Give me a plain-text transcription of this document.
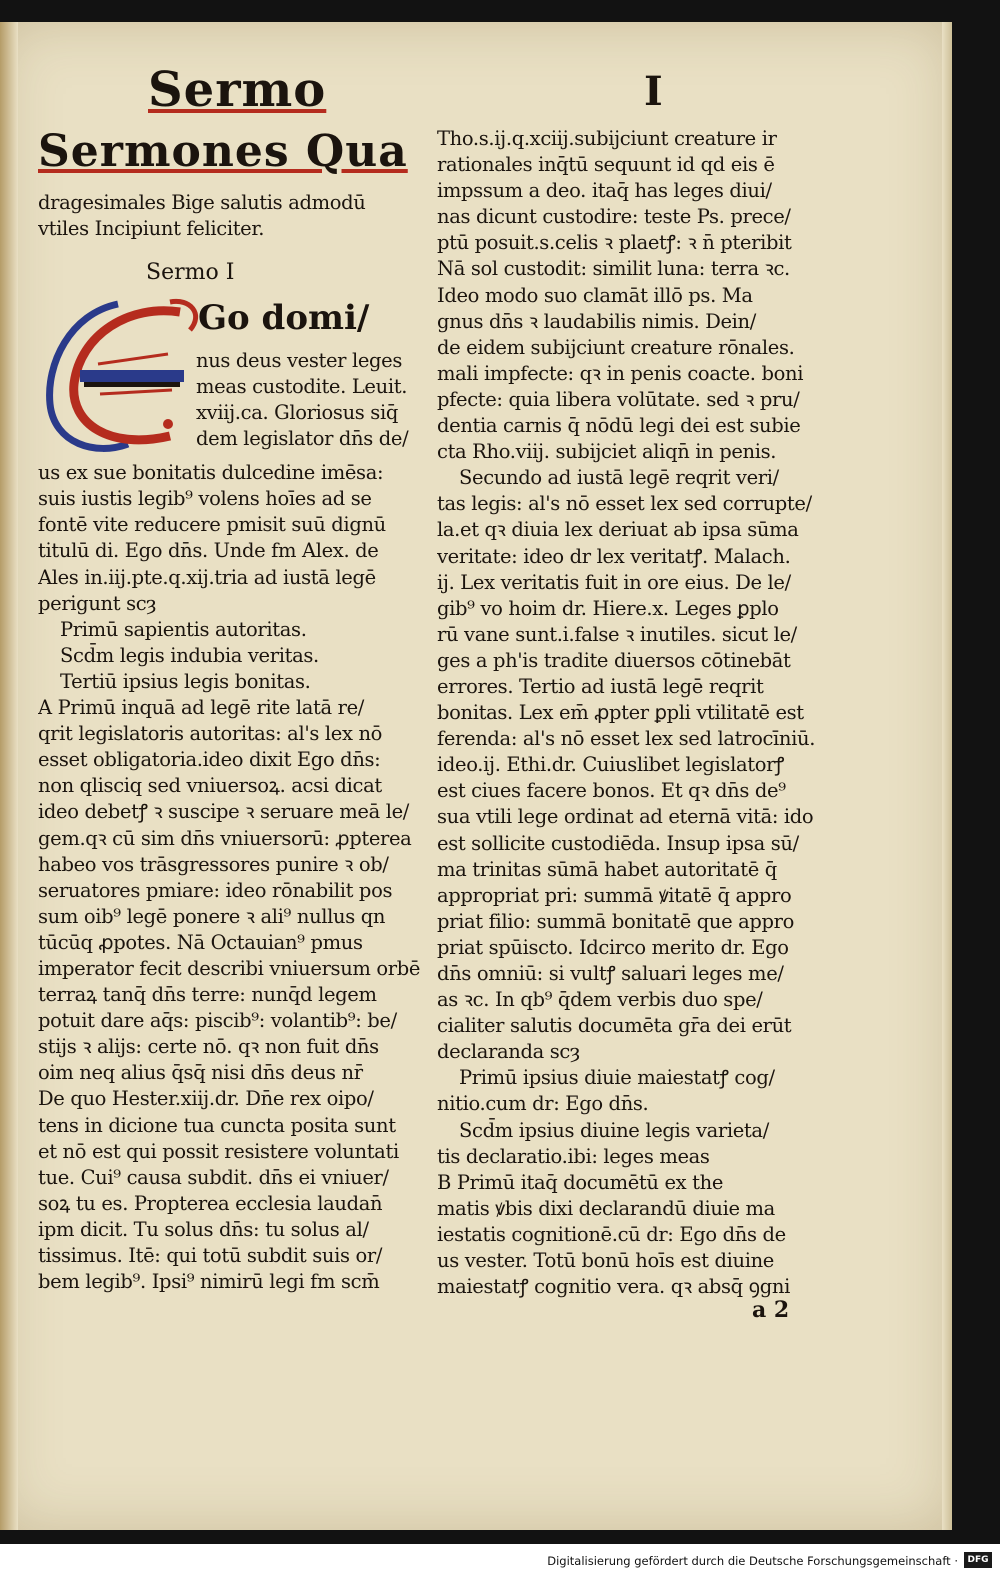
Sermo	I
Sermones Qua
dragesimales Bige salutis admodū
vtiles Incipiunt feliciter.
Sermo I
Go domi/
nus deus vester leges
meas custodite. Leuit.
xviij.ca. Gloriosus siq̄
dem legislator dn̄s de/
us ex sue bonitatis dulcedine imēsa:
suis iustis legib⁹ volens hoīes ad se
fontē vite reducere pmisit suū dignū
titulū di. Ego dn̄s. Unde fm Alex. de
Ales in.iij.pte.q.xij.tria ad iustā legē
perigunt scȝ
Primū sapientis autoritas.
Scd̄m legis indubia veritas.
Tertiū ipsius legis bonitas.
A Primū inquā ad legē rite latā re/
qrit legislatoris autoritas: al's lex nō
esset obligatoria.ideo dixit Ego dn̄s:
non qlisciq sed vniuersoꝝ. acsi dicat
ideo debetꝭ ꝛ suscipe ꝛ seruare meā le/
gem.qꝛ cū sim dn̄s vniuersorū: ꝓpterea
habeo vos trāsgressores punire ꝛ ob/
seruatores pmiare: ideo rōnabilit pos
sum oib⁹ legē ponere ꝛ ali⁹ nullus qn
tūcūq ꝓpotes. Nā Octauian⁹ pmus
imperator fecit describi vniuersum orbē
terraꝝ tanq̄ dn̄s terre: nunq̄d legem
potuit dare aq̄s: piscib⁹: volantib⁹: be/
stijs ꝛ alijs: certe nō. qꝛ non fuit dn̄s
oim neq alius q̄sq̄ nisi dn̄s deus nr̄
De quo Hester.xiij.dr. Dn̄e rex oipo/
tens in dicione tua cuncta posita sunt
et nō est qui possit resistere voluntati
tue. Cui⁹ causa subdit. dn̄s ei vniuer/
soꝝ tu es. Propterea ecclesia laudan̄
ipm dicit. Tu solus dn̄s: tu solus al/
tissimus. Itē: qui totū subdit suis or/
bem legib⁹. Ipsi⁹ nimirū legi fm scm̄
Tho.s.ij.q.xciij.subijciunt creature ir
rationales inq̄tū sequunt id qd eis ē
impssum a deo. itaq̄ has leges diui/
nas dicunt custodire: teste Ps. prece/
ptū posuit.s.celis ꝛ plaetꝭ: ꝛ n̄ pteribit
Nā sol custodit: similit luna: terra ꝛc.
Ideo modo suo clamāt illō ps. Ma
gnus dn̄s ꝛ laudabilis nimis. Dein/
de eidem subijciunt creature rōnales.
mali impfecte: qꝛ in penis coacte. boni
pfecte: quia libera volūtate. sed ꝛ pru/
dentia carnis q̄ nōdū legi dei est subie
cta Rho.viij. subijciet aliqn̄ in penis.
Secundo ad iustā legē reqrit veri/
tas legis: al's nō esset lex sed corrupte/
la.et qꝛ diuia lex deriuat ab ipsa sūma
veritate: ideo dr lex veritatꝭ. Malach.
ij. Lex veritatis fuit in ore eius. De le/
gib⁹ vo hoim dr. Hiere.x. Leges ꝑplo
rū vane sunt.i.false ꝛ inutiles. sicut le/
ges a ph'is tradite diuersos cōtinebāt
errores. Tertio ad iustā legē reqrit
bonitas. Lex em̄ ꝓpter ꝑpli vtilitatē est
ferenda: al's nō esset lex sed latrocīniū.
ideo.ij. Ethi.dr. Cuiuslibet legislatorꝭ
est ciues facere bonos. Et qꝛ dn̄s de⁹
sua vtili lege ordinat ad eternā vitā: ido
est sollicite custodiēda. Insup ipsa sū/
ma trinitas sūmā habet autoritatē q̄
appropriat pri: summā ꝟitatē q̄ appro
priat filio: summā bonitatē que appro
priat spūiscto. Idcirco merito dr. Ego
dn̄s omniū: si vultꝭ saluari leges me/
as ꝛc. In qb⁹ q̄dem verbis duo spe/
cialiter salutis documēta gr̄a dei erūt
declaranda scȝ
Primū ipsius diuie maiestatꝭ cog/
nitio.cum dr: Ego dn̄s.
Scd̄m ipsius diuine legis varieta/
tis declaratio.ibi: leges meas
B Primū itaq̄ documētū ex the
matis ꝟbis dixi declarandū diuie ma
iestatis cognitionē.cū dr: Ego dn̄s de
us vester. Totū bonū hoīs est diuine
maiestatꝭ cognitio vera. qꝛ absq̄ ꝯgni
a 2
Digitalisierung gefördert durch die Deutsche Forschungsgemeinschaft ·	DFG
